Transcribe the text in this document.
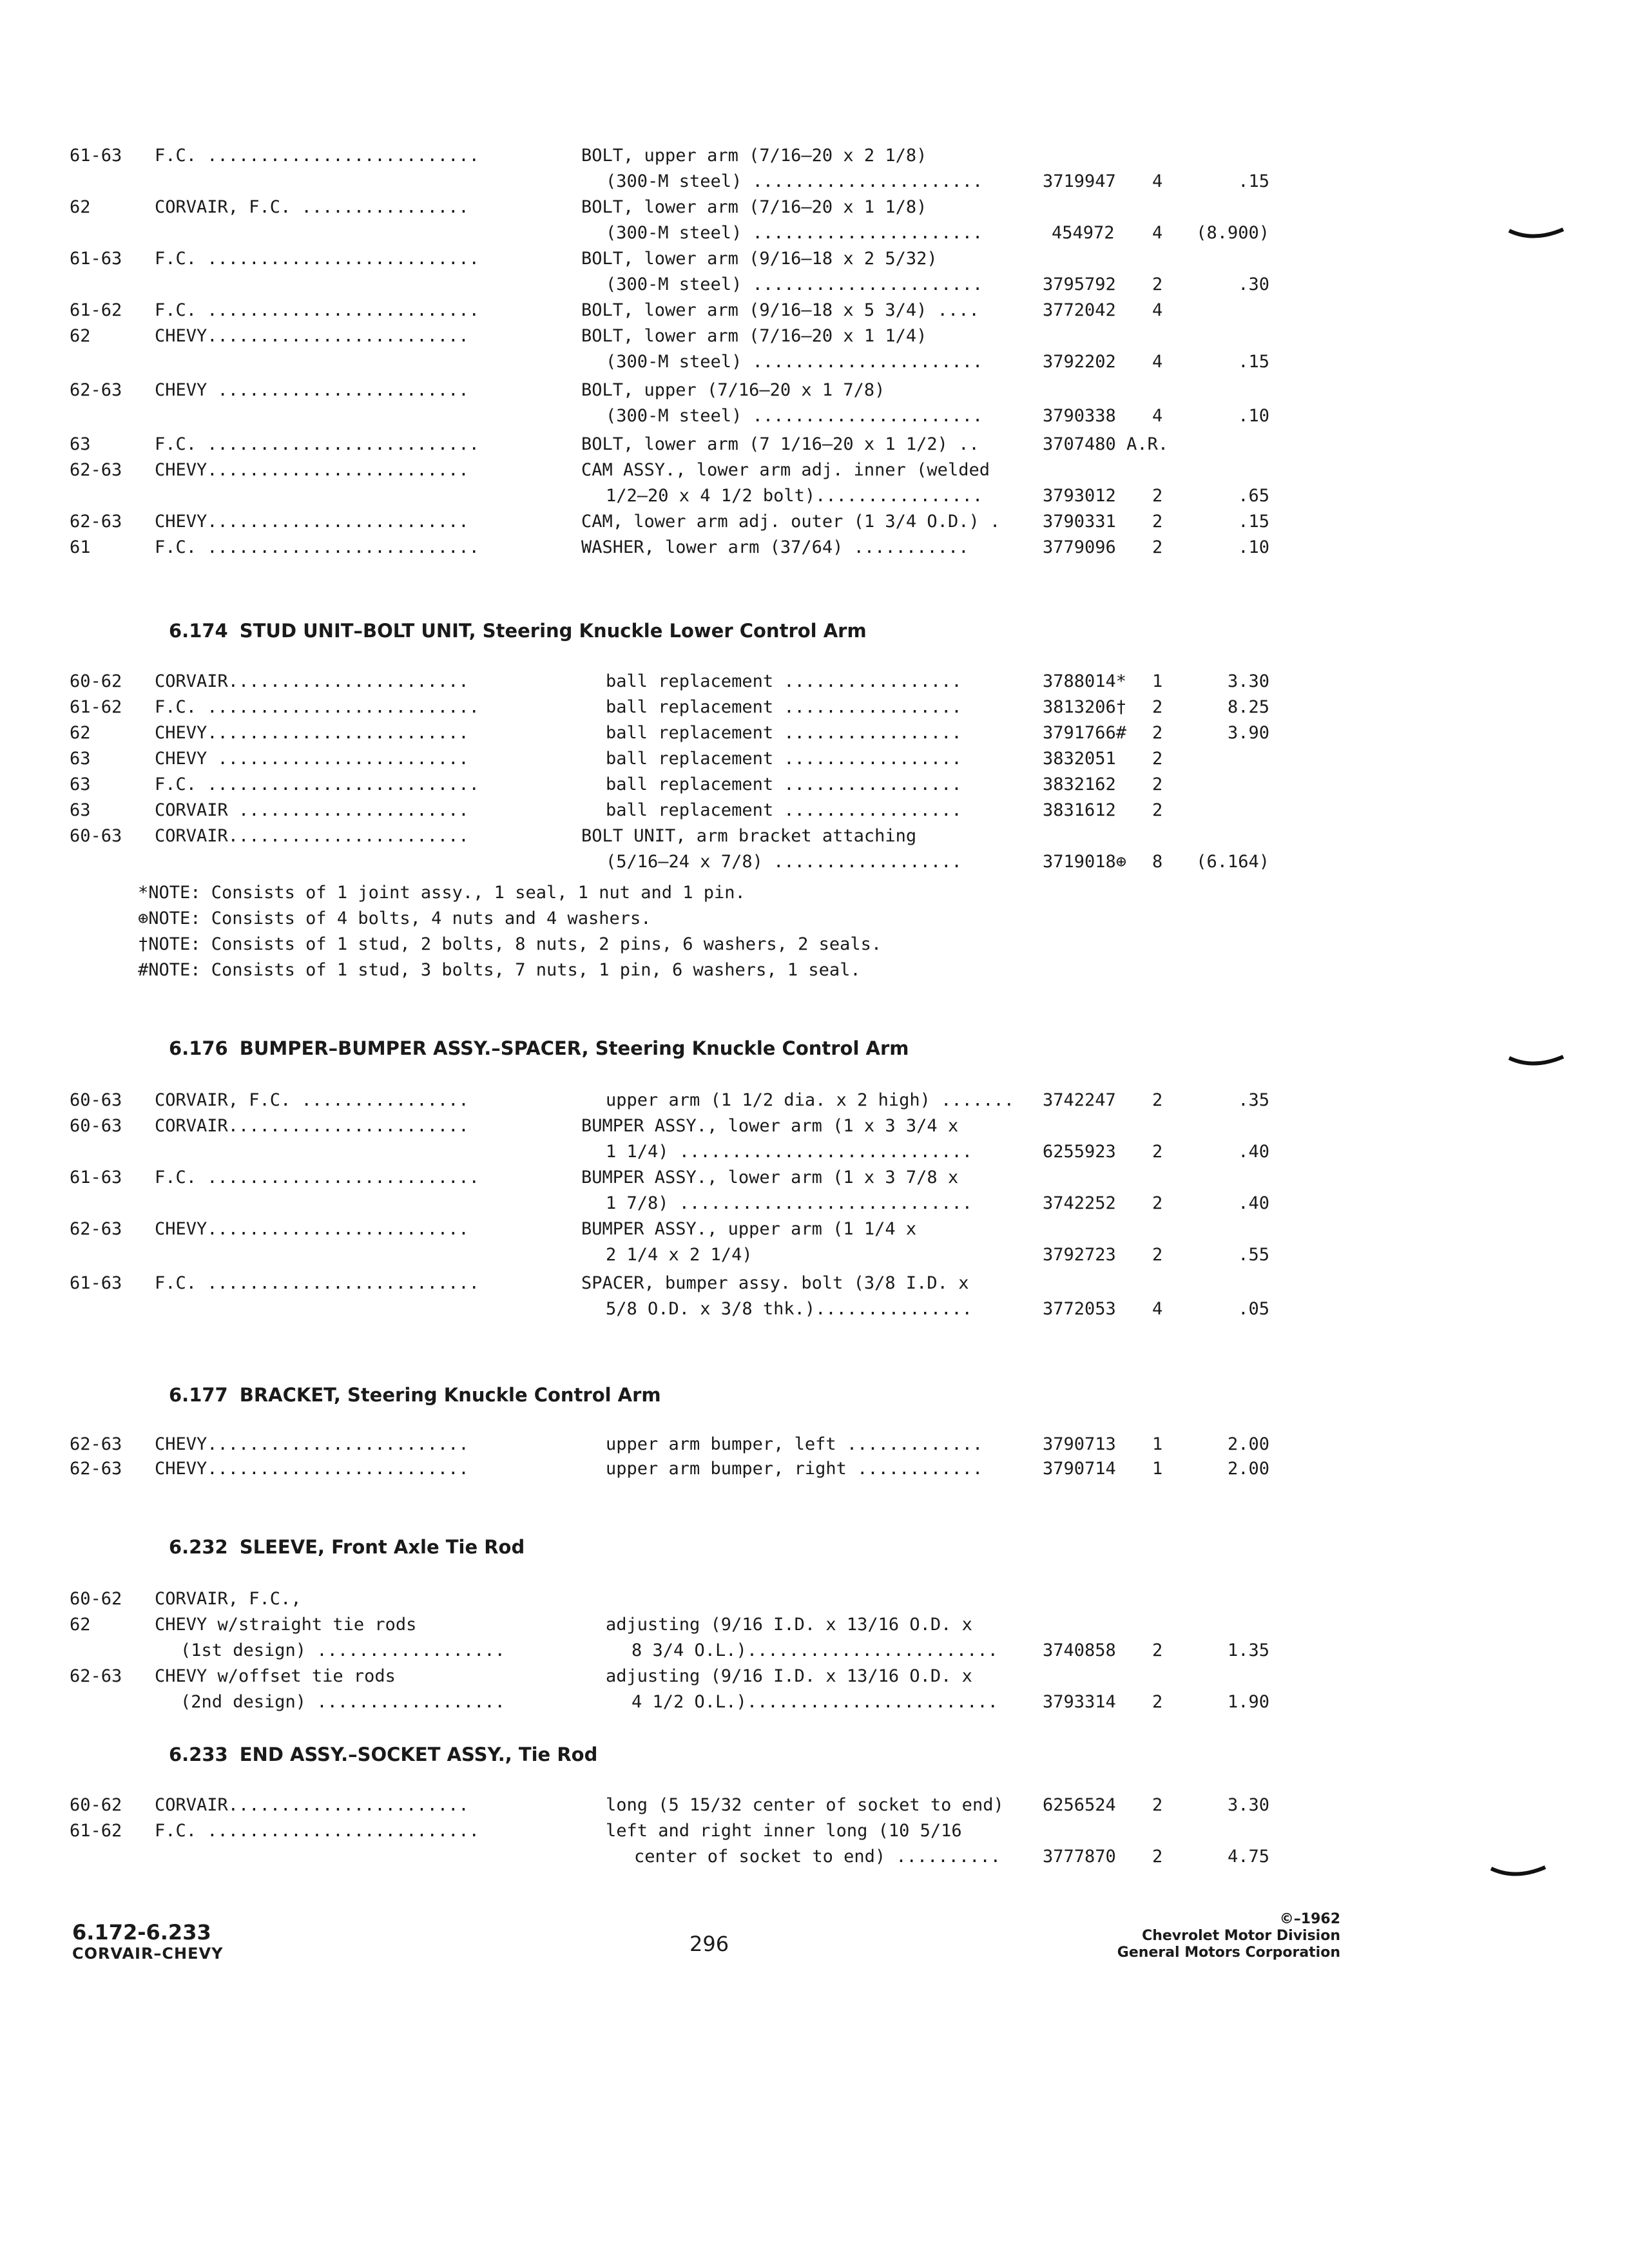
61-63 F.C. ..........................	BOLT, upper arm (7/16–20 x 2 1/8)
(300-M steel) ......................	3719947 4	.15
62	CORVAIR, F.C. ................	BOLT, lower arm (7/16–20 x 1 1/8)
(300-M steel) ......................	454972 4	(8.900)
61-63 F.C. ..........................	BOLT, lower arm (9/16–18 x 2 5/32)
(300-M steel) ......................	3795792 2	.30
61-62 F.C. ..........................	BOLT, lower arm (9/16–18 x 5 3/4) ....	3772042 4
62	CHEVY.........................	BOLT, lower arm (7/16–20 x 1 1/4)
(300-M steel) ......................	3792202 4	.15
62-63 CHEVY ........................	BOLT, upper (7/16–20 x 1 7/8)
(300-M steel) ......................	3790338 4	.10
63	F.C. ..........................	BOLT, lower arm (7 1/16–20 x 1 1/2) ..	3707480 A.R.
62-63 CHEVY.........................	CAM ASSY., lower arm adj. inner (welded
1/2–20 x 4 1/2 bolt)................	3793012 2	.65
62-63 CHEVY.........................	CAM, lower arm adj. outer (1 3/4 O.D.) . 3790331 2	.15
61	F.C. ..........................	WASHER, lower arm (37/64) ...........	3779096 2	.10
6.174 STUD UNIT–BOLT UNIT, Steering Knuckle Lower Control Arm
60-62 CORVAIR.......................	ball replacement .................	3788014* 1	3.30
61-62 F.C. ..........................	ball replacement .................	3813206† 2	8.25
62	CHEVY.........................	ball replacement .................	3791766# 2	3.90
63	CHEVY ........................	ball replacement .................	3832051 2
63	F.C. ..........................	ball replacement .................	3832162 2
63	CORVAIR ......................	ball replacement .................	3831612 2
60-63 CORVAIR.......................	BOLT UNIT, arm bracket attaching
(5/16–24 x 7/8) ..................	3719018⊕ 8	(6.164)
*NOTE: Consists of 1 joint assy., 1 seal, 1 nut and 1 pin.
⊕NOTE: Consists of 4 bolts, 4 nuts and 4 washers.
†NOTE: Consists of 1 stud, 2 bolts, 8 nuts, 2 pins, 6 washers, 2 seals.
#NOTE: Consists of 1 stud, 3 bolts, 7 nuts, 1 pin, 6 washers, 1 seal.
6.176 BUMPER–BUMPER ASSY.–SPACER, Steering Knuckle Control Arm
60-63 CORVAIR, F.C. ................	upper arm (1 1/2 dia. x 2 high) ....... 3742247 2	.35
60-63 CORVAIR.......................	BUMPER ASSY., lower arm (1 x 3 3/4 x
1 1/4) ............................	6255923 2	.40
61-63 F.C. ..........................	BUMPER ASSY., lower arm (1 x 3 7/8 x
1 7/8) ............................	3742252 2	.40
62-63 CHEVY.........................	BUMPER ASSY., upper arm (1 1/4 x
2 1/4 x 2 1/4)	3792723 2	.55
61-63 F.C. ..........................	SPACER, bumper assy. bolt (3/8 I.D. x
5/8 O.D. x 3/8 thk.)...............	3772053 4	.05
6.177 BRACKET, Steering Knuckle Control Arm
62-63 CHEVY.........................	upper arm bumper, left .............	3790713 1	2.00
62-63 CHEVY.........................	upper arm bumper, right ............	3790714 1	2.00
6.232 SLEEVE, Front Axle Tie Rod
60-62 CORVAIR, F.C.,
62	CHEVY w/straight tie rods	adjusting (9/16 I.D. x 13/16 O.D. x
(1st design) ..................	8 3/4 O.L.)........................	3740858 2	1.35
62-63 CHEVY w/offset tie rods	adjusting (9/16 I.D. x 13/16 O.D. x
(2nd design) ..................	4 1/2 O.L.)........................	3793314 2	1.90
6.233 END ASSY.–SOCKET ASSY., Tie Rod
60-62 CORVAIR.......................	long (5 15/32 center of socket to end) 6256524 2	3.30
61-62 F.C. ..........................	left and right inner long (10 5/16
center of socket to end) .......... 3777870 2	4.75
6.172-6.233
CORVAIR–CHEVY	296
©–1962
Chevrolet Motor Division
General Motors Corporation
